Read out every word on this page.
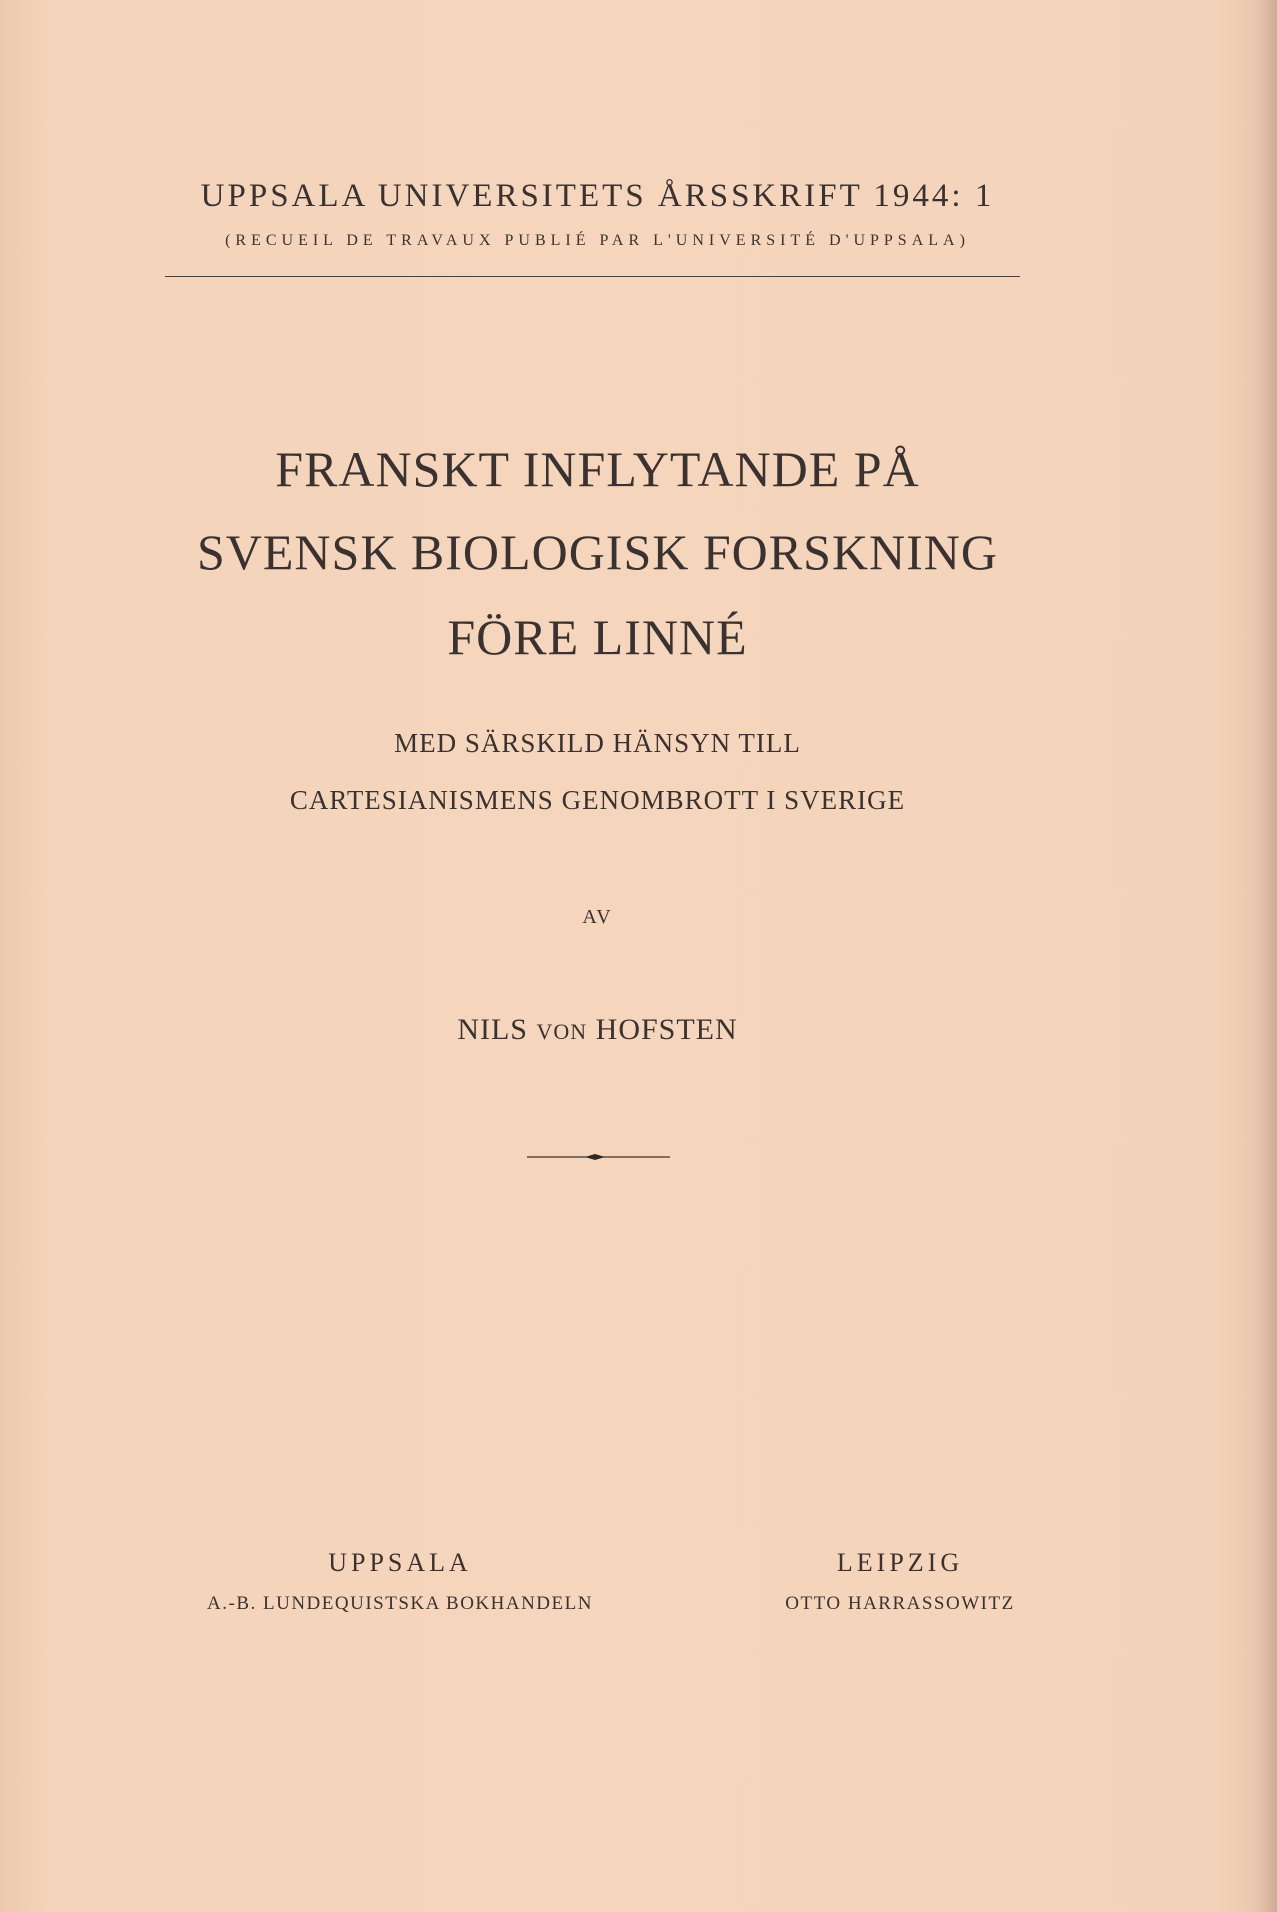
UPPSALA UNIVERSITETS ÅRSSKRIFT 1944: 1
(RECUEIL DE TRAVAUX PUBLIÉ PAR L'UNIVERSITÉ D'UPPSALA)
FRANSKT INFLYTANDE PÅ
SVENSK BIOLOGISK FORSKNING
FÖRE LINNÉ
MED SÄRSKILD HÄNSYN TILL
CARTESIANISMENS GENOMBROTT I SVERIGE
AV
NILS VON HOFSTEN
UPPSALA
A.-B. LUNDEQUISTSKA BOKHANDELN
LEIPZIG
OTTO HARRASSOWITZ
